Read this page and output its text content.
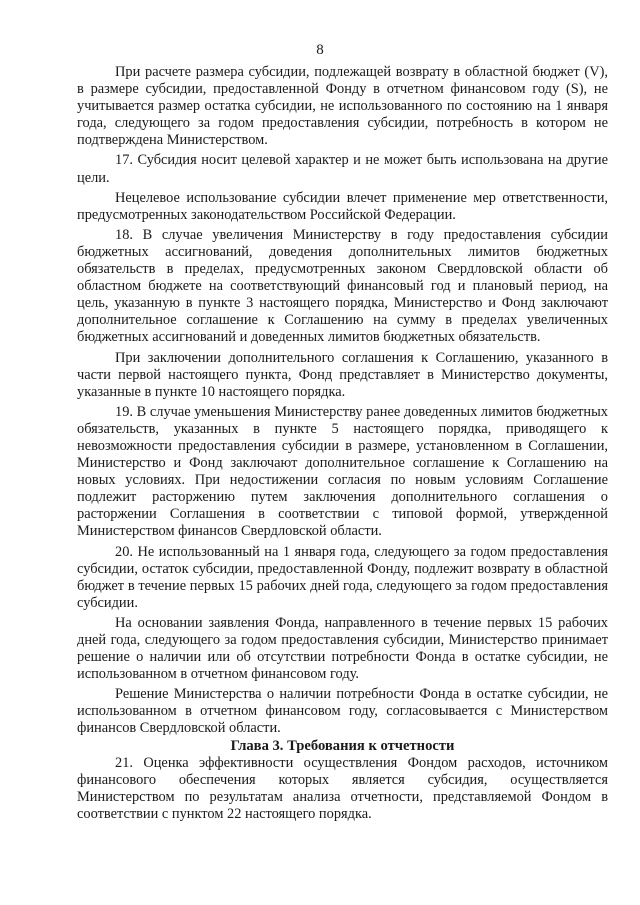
8

При расчете размера субсидии, подлежащей возврату в областной бюджет (V), в размере субсидии, предоставленной Фонду в отчетном финансовом году (S), не учитывается размер остатка субсидии, не использованного по состоянию на 1 января года, следующего за годом предоставления субсидии, потребность в котором не подтверждена Министерством.

17. Субсидия носит целевой характер и не может быть использована на другие цели.

Нецелевое использование субсидии влечет применение мер ответственности, предусмотренных законодательством Российской Федерации.

18. В случае увеличения Министерству в году предоставления субсидии бюджетных ассигнований, доведения дополнительных лимитов бюджетных обязательств в пределах, предусмотренных законом Свердловской области об областном бюджете на соответствующий финансовый год и плановый период, на цель, указанную в пункте 3 настоящего порядка, Министерство и Фонд заключают дополнительное соглашение к Соглашению на сумму в пределах увеличенных бюджетных ассигнований и доведенных лимитов бюджетных обязательств.

При заключении дополнительного соглашения к Соглашению, указанного в части первой настоящего пункта, Фонд представляет в Министерство документы, указанные в пункте 10 настоящего порядка.

19. В случае уменьшения Министерству ранее доведенных лимитов бюджетных обязательств, указанных в пункте 5 настоящего порядка, приводящего к невозможности предоставления субсидии в размере, установленном в Соглашении, Министерство и Фонд заключают дополнительное соглашение к Соглашению на новых условиях. При недостижении согласия по новым условиям Соглашение подлежит расторжению путем заключения дополнительного соглашения о расторжении Соглашения в соответствии с типовой формой, утвержденной Министерством финансов Свердловской области.

20. Не использованный на 1 января года, следующего за годом предоставления субсидии, остаток субсидии, предоставленной Фонду, подлежит возврату в областной бюджет в течение первых 15 рабочих дней года, следующего за годом предоставления субсидии.

На основании заявления Фонда, направленного в течение первых 15 рабочих дней года, следующего за годом предоставления субсидии, Министерство принимает решение о наличии или об отсутствии потребности Фонда в остатке субсидии, не использованном в отчетном финансовом году.

Решение Министерства о наличии потребности Фонда в остатке субсидии, не использованном в отчетном финансовом году, согласовывается с Министерством финансов Свердловской области.

Глава 3. Требования к отчетности

21. Оценка эффективности осуществления Фондом расходов, источником финансового обеспечения которых является субсидия, осуществляется Министерством по результатам анализа отчетности, представляемой Фондом в соответствии с пунктом 22 настоящего порядка.
